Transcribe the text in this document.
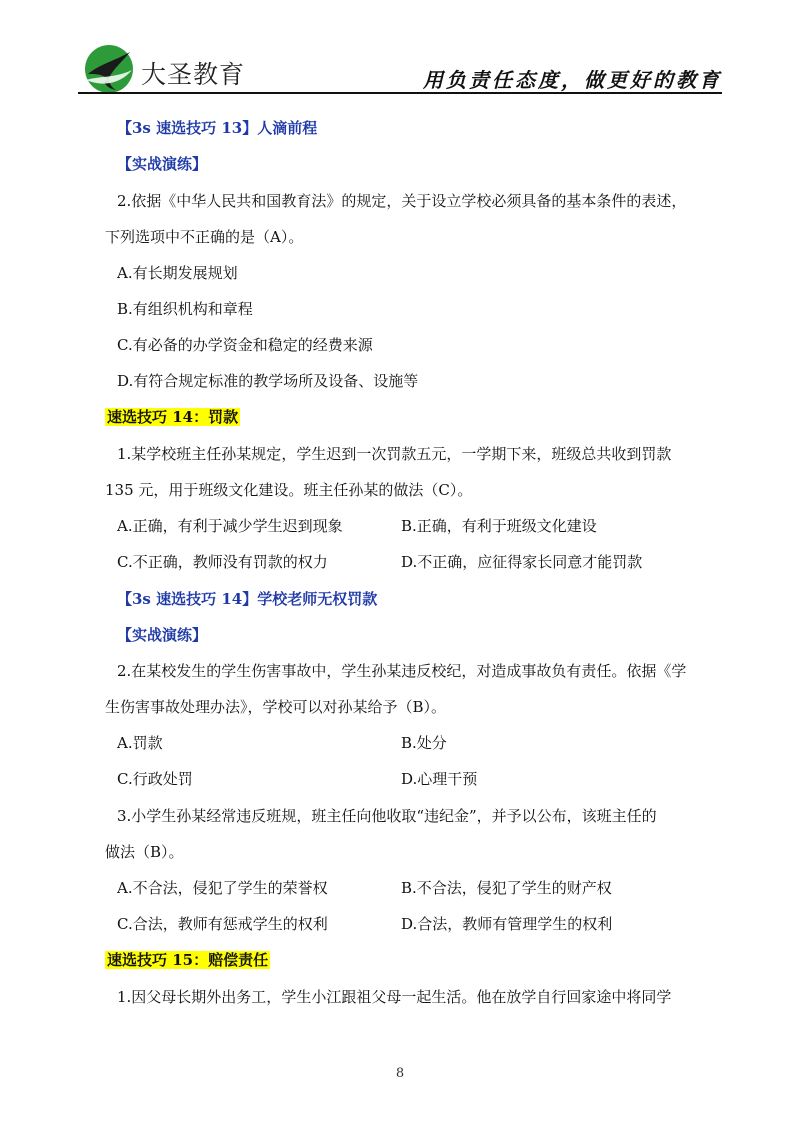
大圣教育	用负责任态度，做更好的教育
【3s 速选技巧 13】人滴前程
【实战演练】
2.依据《中华人民共和国教育法》的规定，关于设立学校必须具备的基本条件的表述，
下列选项中不正确的是（A）。
A.有长期发展规划
B.有组织机构和章程
C.有必备的办学资金和稳定的经费来源
D.有符合规定标准的教学场所及设备、设施等
速选技巧 14：罚款
1.某学校班主任孙某规定，学生迟到一次罚款五元，一学期下来，班级总共收到罚款
135 元，用于班级文化建设。班主任孙某的做法（C）。
A.正确，有利于减少学生迟到现象	B.正确，有利于班级文化建设
C.不正确，教师没有罚款的权力	D.不正确，应征得家长同意才能罚款
【3s 速选技巧 14】学校老师无权罚款
【实战演练】
2.在某校发生的学生伤害事故中，学生孙某违反校纪，对造成事故负有责任。依据《学
生伤害事故处理办法》，学校可以对孙某给予（B）。
A.罚款	B.处分
C.行政处罚	D.心理干预
3.小学生孙某经常违反班规，班主任向他收取“违纪金”，并予以公布，该班主任的
做法（B）。
A.不合法，侵犯了学生的荣誉权	B.不合法，侵犯了学生的财产权
C.合法，教师有惩戒学生的权利	D.合法，教师有管理学生的权利
速选技巧 15：赔偿责任
1.因父母长期外出务工，学生小江跟祖父母一起生活。他在放学自行回家途中将同学
8
